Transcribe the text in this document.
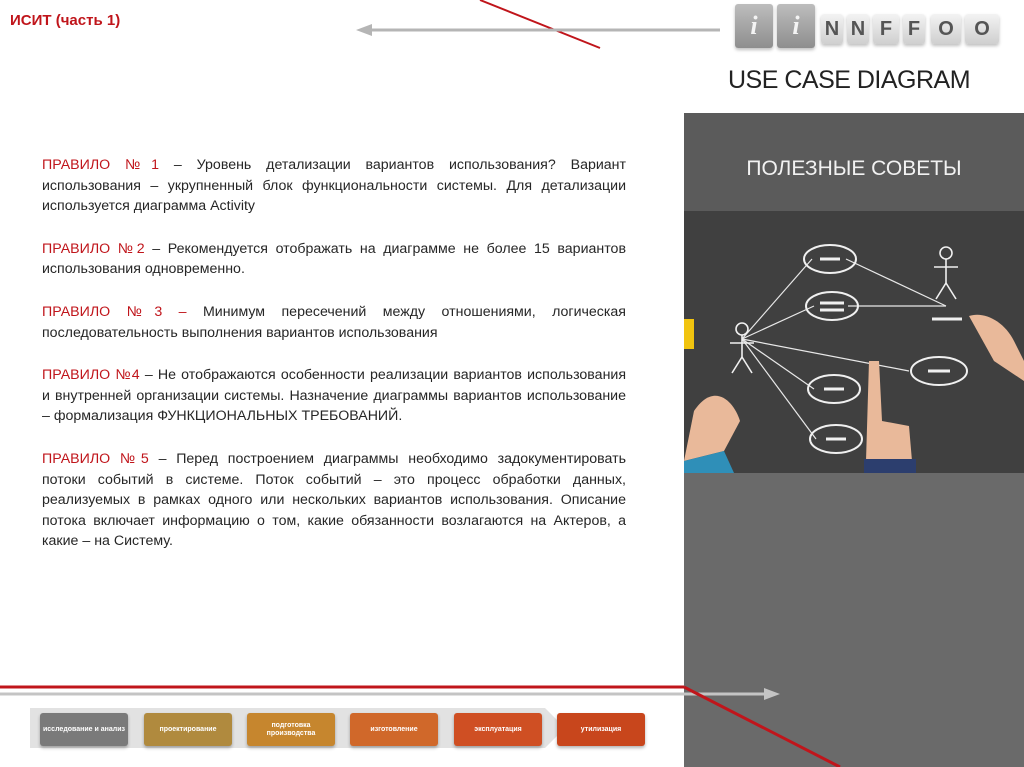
ИСИТ (часть 1)	i	i	N N F F O	O
USE CASE DIAGRAM
ПОЛЕЗНЫЕ СОВЕТЫ

ПРАВИЛО №1 – Уровень детализации вариантов использования? Вариант использования – укрупненный блок функциональности системы. Для детализации используется диаграмма Activity

ПРАВИЛО №2 – Рекомендуется отображать на диаграмме не более 15 вариантов использования одновременно.

ПРАВИЛО №3 – Минимум пересечений между отношениями, логическая последовательность выполнения вариантов использования

ПРАВИЛО №4 – Не отображаются особенности реализации вариантов использования и внутренней организации системы. Назначение диаграммы вариантов использование – формализация ФУНКЦИОНАЛЬНЫХ ТРЕБОВАНИЙ.

ПРАВИЛО №5 – Перед построением диаграммы необходимо задокументировать потоки событий в системе. Поток событий – это процесс обработки данных, реализуемых в рамках одного или нескольких вариантов использования. Описание потока включает информацию о том, какие обязанности возлагаются на Актеров, а какие – на Систему.

исследование и анализ	проектирование
подготовка производства
изготовление	эксплуатация	утилизация
